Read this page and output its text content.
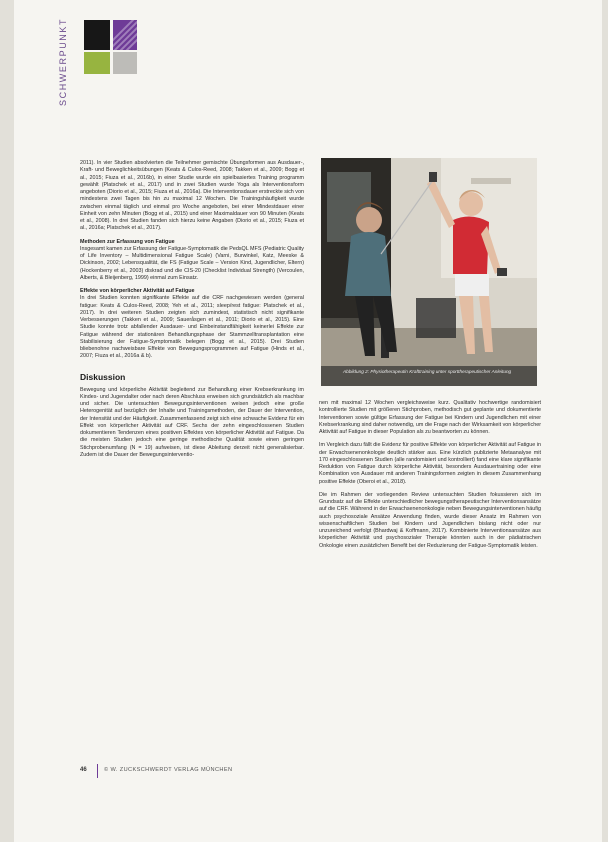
SCHWERPUNKT

2011). In vier Studien absolvierten die Teilnehmer gemischte Übungsformen aus Ausdauer-, Kraft- und Beweglichkeitsübungen (Keats & Culos-Reed, 2008; Takken et al., 2009; Bogg et al., 2015; Fiuza et al., 2016b), in einer Studie wurde ein spielbasiertes Training programm gewählt (Platschek et al., 2017) und in zwei Studien wurde Yoga als Interventionsform angeboten (Diorio et al., 2015; Fiuza et al., 2016a). Die Interventionsdauer erstreckte sich von mindestens zwei Tagen bis hin zu maximal 12 Wochen. Die Trainingshäufigkeit wurde zwischen einmal täglich und einmal pro Woche angeboten, bei einer Mindestdauer einer Einheit von zehn Minuten (Bogg et al., 2015) und einer Maximaldauer von 90 Minuten (Keats et al., 2008). In drei Studien fanden sich hierzu keine Angaben (Diorio et al., 2015; Fiuza et al., 2016a; Platschek et al., 2017).

Methoden zur Erfassung von Fatigue

Insgesamt kamen zur Erfassung der Fatigue-Symptomatik die PedsQL MFS (Pediatric Quality of Life Inventory – Multidimensional Fatigue Scale) (Varni, Burwinkel, Katz, Meeske & Dickinson, 2002; Lebensqualität, die FS (Fatigue Scale – Version Kind, Jugendlicher, Eltern) (Hockenberry et al., 2003) diskrad und die CIS-20 (Checklist Individual Strength) (Vercoulen, Alberts, & Bleijenberg, 1999) einmal zum Einsatz.

Effekte von körperlicher Aktivität auf Fatigue

In drei Studien konnten signifikante Effekte auf die CRF nachgewiesen werden (general fatigue: Keats & Culos-Reed, 2008; Yeh et al., 2011; sleep/rest fatigue: Platschek et al., 2017). In drei weiteren Studien zeigten sich zumindest, statistisch nicht signifikante Verbesserungen (Takken et al., 2009; Saueråsgen et al., 2011; Diorio et al., 2015). Eine Studie konnte trotz abfallender Ausdauer- und Einbeinstandfähigkeit keinerlei Effekte zur Fatigue während der stationären Behandlungsphase der Stammzelltransplantation eine Stabilisierung der Fatigue-Symptomatik belegen (Bogg et al., 2015). Drei Studien bliebenohne nachweisbare Effekte von Bewegungsprogrammen auf Fatigue (Hinds et al., 2007; Fiuza et al., 2016a & b).

Diskussion

Bewegung und körperliche Aktivität begleitend zur Behandlung einer Krebserkrankung im Kindes- und Jugendalter oder nach deren Abschluss erweisen sich grundsätzlich als machbar und sicher. Die untersuchten Bewegungsinterventionen weisen jedoch eine große Heterogenität auf bezüglich der Inhalte und Trainingsmethoden, der Dauer der Intervention, der Intensität und der Häufigkeit. Zusammenfassend zeigt sich eine schwache Evidenz für ein Effekt von körperlicher Aktivität auf CRF. Sechs der zehn eingeschlossenen Studien dokumentieren Tendenzen eines positiven Effektes von körperlicher Aktivität auf Fatigue. Da die meisten Studien jedoch eine geringe methodische Qualität sowie einen geringen Stichprobenumfang (N = 19) aufweisen, ist diese Ableitung derzeit nicht generalisierbar. Zudem ist die Dauer der Bewegungsinterventio-

Abbildung 2: Physiotherapeutin Krafttraining unter sporttherapeutischer Anleitung

nen mit maximal 12 Wochen vergleichsweise kurz. Qualitativ hochwertige randomisiert kontrollierte Studien mit größeren Stichproben, methodisch gut geplante und dokumentierte Interventionen sowie gültige Erfassung der Fatigue bei Kindern und Jugendlichen mit einer Krebserkrankung sind daher notwendig, um die Frage nach der Wirksamkeit von körperlicher Aktivität auf Fatigue in dieser Population als zu beantworten zu können.

Im Vergleich dazu fällt die Evidenz für positive Effekte von körperlicher Aktivität auf Fatigue in der Erwachsenenonkologie deutlich stärker aus. Eine kürzlich publizierte Metaanalyse mit 170 eingeschlossenen Studien (alle randomisiert und kontrolliert) fand eine klare signifikante Reduktion von Fatigue durch körperliche Aktivität, besonders Ausdauertraining oder eine Kombination von Ausdauer mit anderen Trainingsformen zeigten in diesem Zusammenhang positive Effekte (Oberoi et al., 2018).

Die im Rahmen der vorliegenden Review untersuchten Studien fokussieren sich im Grundsatz auf die Effekte unterschiedlicher bewegungstherapeutischer Interventionsansätze auf die CRF. Während in der Erwachsenenonkologie neben Bewegungsinterventionen häufig auch psychosoziale Ansätze Anwendung finden, wurde dieser Ansatz im Rahmen von wissenschaftlichen Studien bei Kindern und Jugendlichen bislang nicht oder nur unzureichend verfolgt (Bhardwaj & Koffmann, 2017). Kombinierte Interventionsansätze aus körperlicher Aktivität und psychosozialer Therapie könnten auch in der pädiatrischen Onkologie einen zusätzlichen Benefit bei der Reduzierung der Fatigue-Symptomatik leisten.

46	© W. ZUCKSCHWERDT VERLAG MÜNCHEN
